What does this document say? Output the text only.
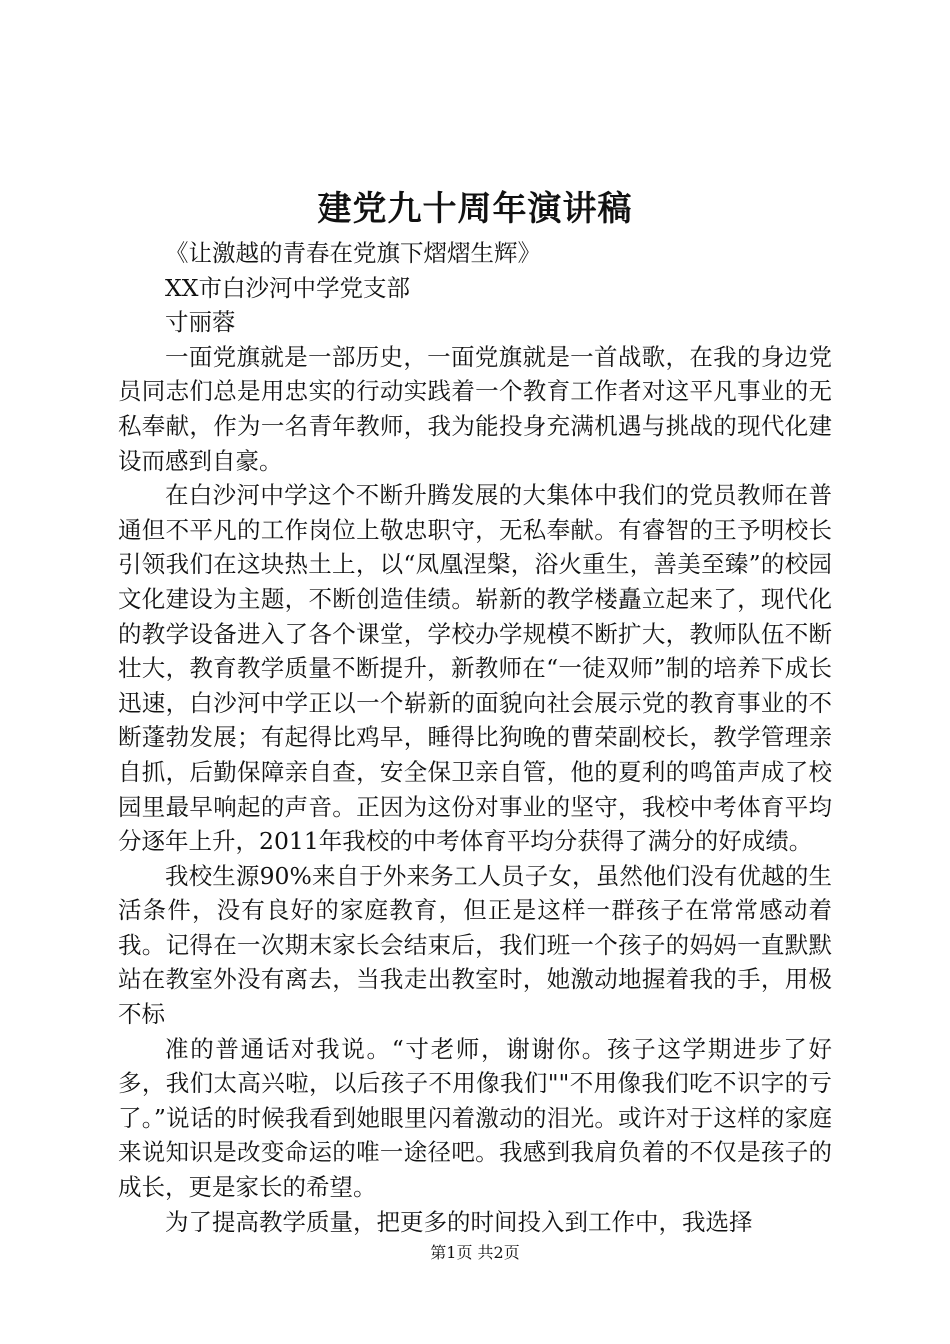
建党九十周年演讲稿

《让激越的青春在党旗下熠熠生辉》

XX市白沙河中学党支部

寸丽蓉

一面党旗就是一部历史，一面党旗就是一首战歌，在我的身边党员同志们总是用忠实的行动实践着一个教育工作者对这平凡事业的无私奉献，作为一名青年教师，我为能投身充满机遇与挑战的现代化建设而感到自豪。

在白沙河中学这个不断升腾发展的大集体中我们的党员教师在普通但不平凡的工作岗位上敬忠职守，无私奉献。有睿智的王予明校长引领我们在这块热土上，以“凤凰涅槃，浴火重生，善美至臻”的校园文化建设为主题，不断创造佳绩。崭新的教学楼矗立起来了，现代化的教学设备进入了各个课堂，学校办学规模不断扩大，教师队伍不断壮大，教育教学质量不断提升，新教师在“一徒双师”制的培养下成长迅速，白沙河中学正以一个崭新的面貌向社会展示党的教育事业的不断蓬勃发展；有起得比鸡早，睡得比狗晚的曹荣副校长，教学管理亲自抓，后勤保障亲自查，安全保卫亲自管，他的夏利的鸣笛声成了校园里最早响起的声音。正因为这份对事业的坚守，我校中考体育平均分逐年上升，2011年我校的中考体育平均分获得了满分的好成绩。

我校生源90%来自于外来务工人员子女，虽然他们没有优越的生活条件，没有良好的家庭教育，但正是这样一群孩子在常常感动着我。记得在一次期末家长会结束后，我们班一个孩子的妈妈一直默默站在教室外没有离去，当我走出教室时，她激动地握着我的手，用极不标

准的普通话对我说。“寸老师，谢谢你。孩子这学期进步了好多，我们太高兴啦，以后孩子不用像我们""不用像我们吃不识字的亏了。”说话的时候我看到她眼里闪着激动的泪光。或许对于这样的家庭来说知识是改变命运的唯一途径吧。我感到我肩负着的不仅是孩子的成长，更是家长的希望。

为了提高教学质量，把更多的时间投入到工作中，我选择

第1页 共2页
